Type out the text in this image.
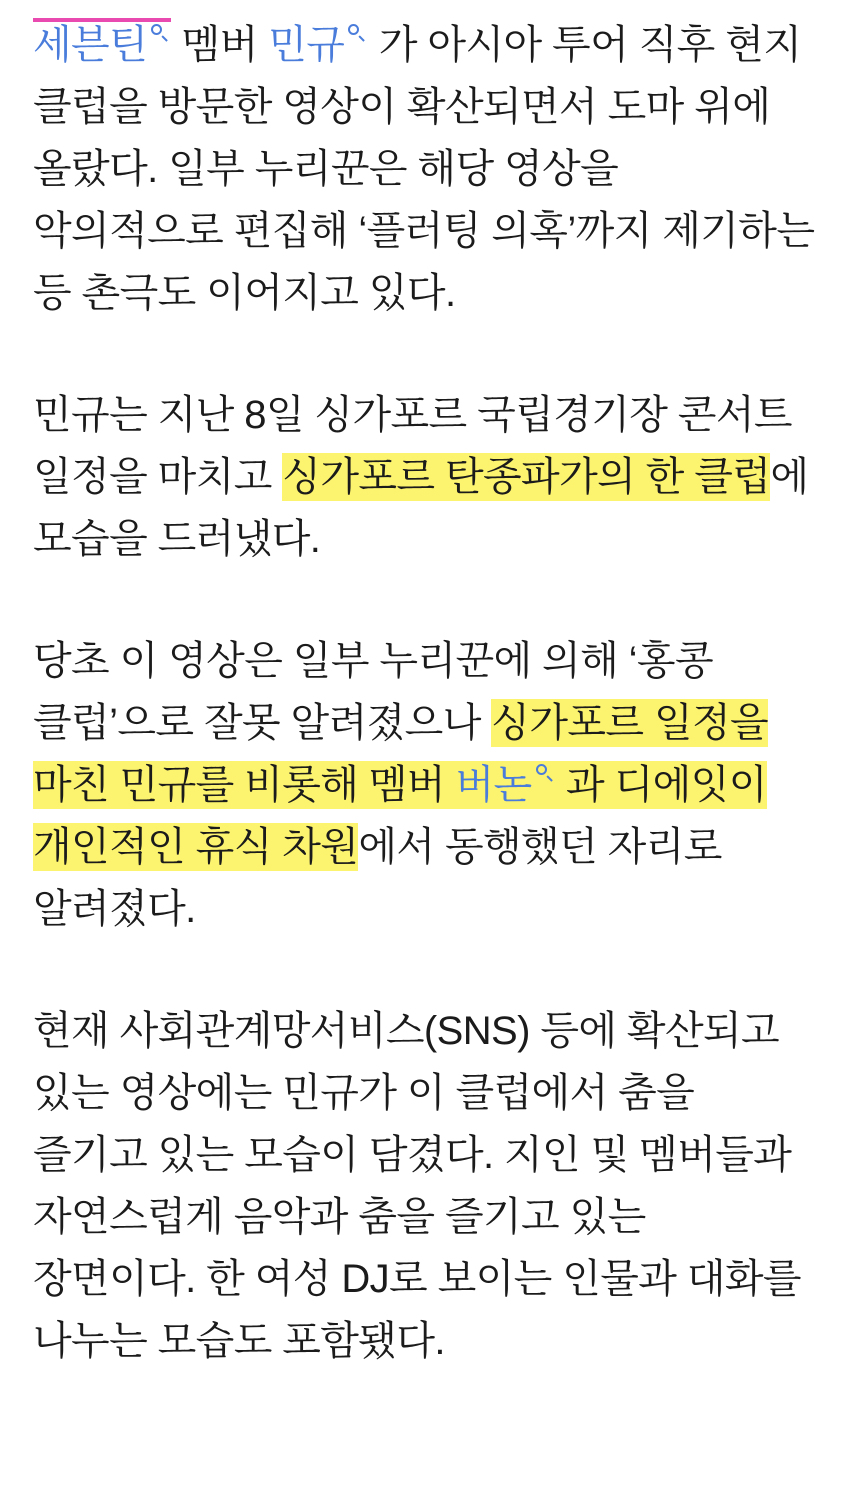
세븐틴 멤버 민규 가 아시아 투어 직후 현지 클럽을 방문한 영상이 확산되면서 도마 위에 올랐다. 일부 누리꾼은 해당 영상을 악의적으로 편집해 ‘플러팅 의혹’까지 제기하는 등 촌극도 이어지고 있다.

민규는 지난 8일 싱가포르 국립경기장 콘서트 일정을 마치고 싱가포르 탄종파가의 한 클럽에 모습을 드러냈다.

당초 이 영상은 일부 누리꾼에 의해 ‘홍콩 클럽’으로 잘못 알려졌으나 싱가포르 일정을 마친 민규를 비롯해 멤버 버논 과 디에잇이 개인적인 휴식 차원에서 동행했던 자리로 알려졌다.

현재 사회관계망서비스(SNS) 등에 확산되고 있는 영상에는 민규가 이 클럽에서 춤을 즐기고 있는 모습이 담겼다. 지인 및 멤버들과 자연스럽게 음악과 춤을 즐기고 있는 장면이다. 한 여성 DJ로 보이는 인물과 대화를 나누는 모습도 포함됐다.
